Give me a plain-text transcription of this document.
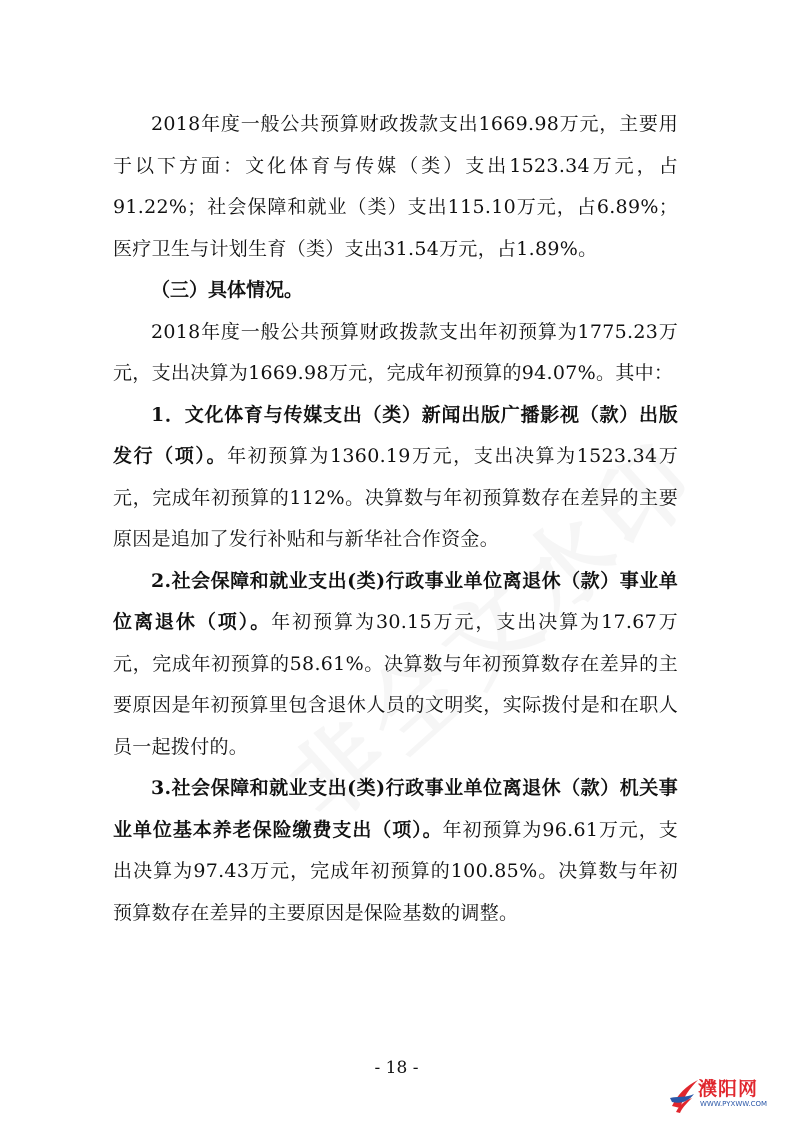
2018年度一般公共预算财政拨款支出1669.98万元，主要用于以下方面：文化体育与传媒（类）支出1523.34万元，占91.22%；社会保障和就业（类）支出115.10万元，占6.89%；医疗卫生与计划生育（类）支出31.54万元，占1.89%。

（三）具体情况。

2018年度一般公共预算财政拨款支出年初预算为1775.23万元，支出决算为1669.98万元，完成年初预算的94.07%。其中：

1．文化体育与传媒支出（类）新闻出版广播影视（款）出版发行（项）。年初预算为1360.19万元，支出决算为1523.34万元，完成年初预算的112%。决算数与年初预算数存在差异的主要原因是追加了发行补贴和与新华社合作资金。

2.社会保障和就业支出(类)行政事业单位离退休（款）事业单位离退休（项）。年初预算为30.15万元，支出决算为17.67万元，完成年初预算的58.61%。决算数与年初预算数存在差异的主要原因是年初预算里包含退休人员的文明奖，实际拨付是和在职人员一起拨付的。

3.社会保障和就业支出(类)行政事业单位离退休（款）机关事业单位基本养老保险缴费支出（项）。年初预算为96.61万元，支出决算为97.43万元，完成年初预算的100.85%。决算数与年初预算数存在差异的主要原因是保险基数的调整。

- 18 -
濮阳网
WWW.PYXWW.COM
